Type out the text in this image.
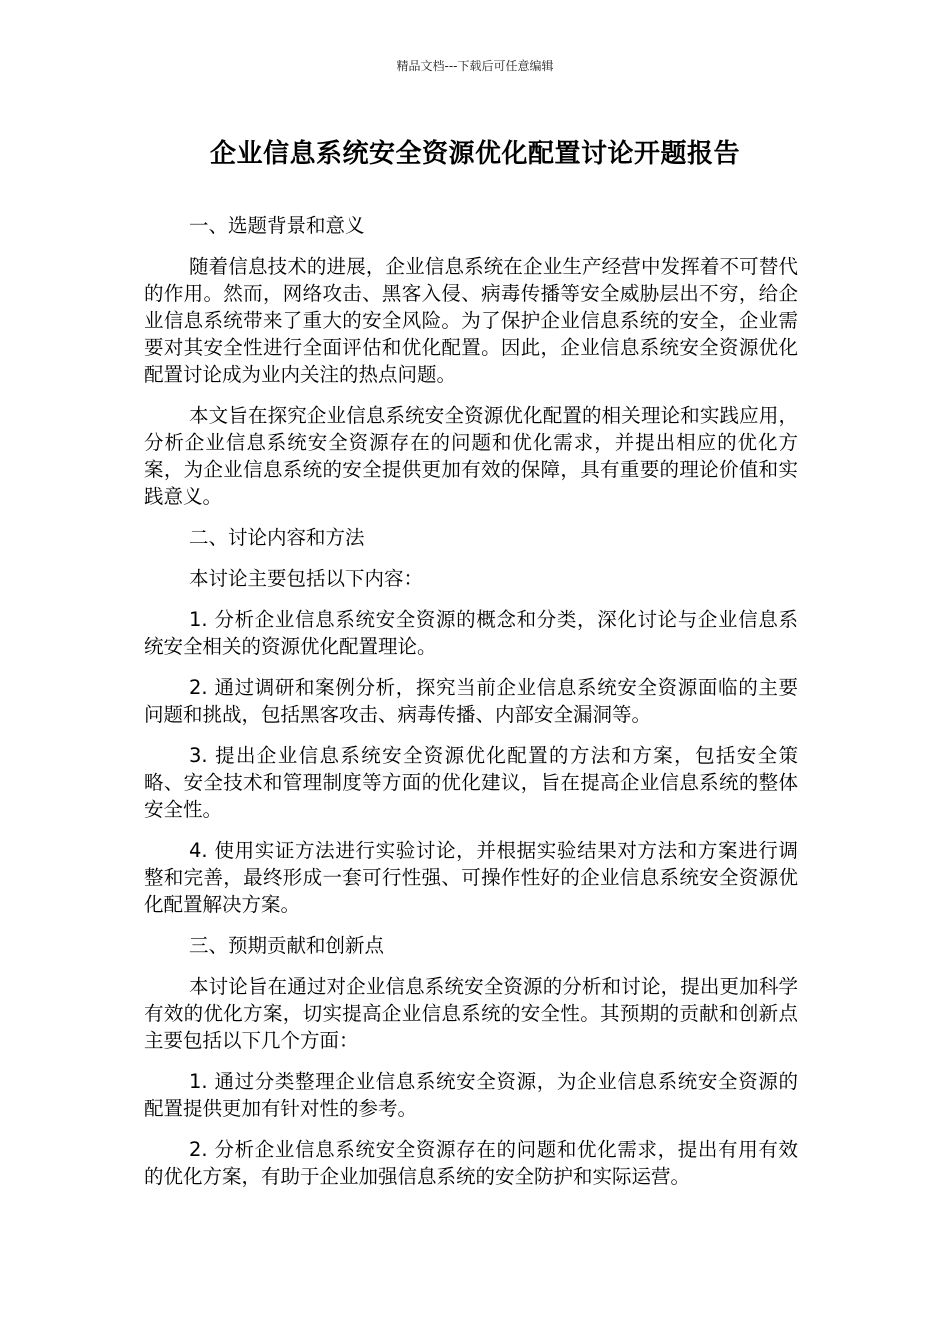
精品文档---下载后可任意编辑
企业信息系统安全资源优化配置讨论开题报告

一、选题背景和意义

随着信息技术的进展，企业信息系统在企业生产经营中发挥着不可替代的作用。然而，网络攻击、黑客入侵、病毒传播等安全威胁层出不穷，给企业信息系统带来了重大的安全风险。为了保护企业信息系统的安全，企业需要对其安全性进行全面评估和优化配置。因此，企业信息系统安全资源优化配置讨论成为业内关注的热点问题。

本文旨在探究企业信息系统安全资源优化配置的相关理论和实践应用，分析企业信息系统安全资源存在的问题和优化需求，并提出相应的优化方案，为企业信息系统的安全提供更加有效的保障，具有重要的理论价值和实践意义。

二、讨论内容和方法

本讨论主要包括以下内容：

1. 分析企业信息系统安全资源的概念和分类，深化讨论与企业信息系统安全相关的资源优化配置理论。

2. 通过调研和案例分析，探究当前企业信息系统安全资源面临的主要问题和挑战，包括黑客攻击、病毒传播、内部安全漏洞等。

3. 提出企业信息系统安全资源优化配置的方法和方案，包括安全策略、安全技术和管理制度等方面的优化建议，旨在提高企业信息系统的整体安全性。

4. 使用实证方法进行实验讨论，并根据实验结果对方法和方案进行调整和完善，最终形成一套可行性强、可操作性好的企业信息系统安全资源优化配置解决方案。

三、预期贡献和创新点

本讨论旨在通过对企业信息系统安全资源的分析和讨论，提出更加科学有效的优化方案，切实提高企业信息系统的安全性。其预期的贡献和创新点主要包括以下几个方面：

1. 通过分类整理企业信息系统安全资源，为企业信息系统安全资源的配置提供更加有针对性的参考。

2. 分析企业信息系统安全资源存在的问题和优化需求，提出有用有效的优化方案，有助于企业加强信息系统的安全防护和实际运营。
